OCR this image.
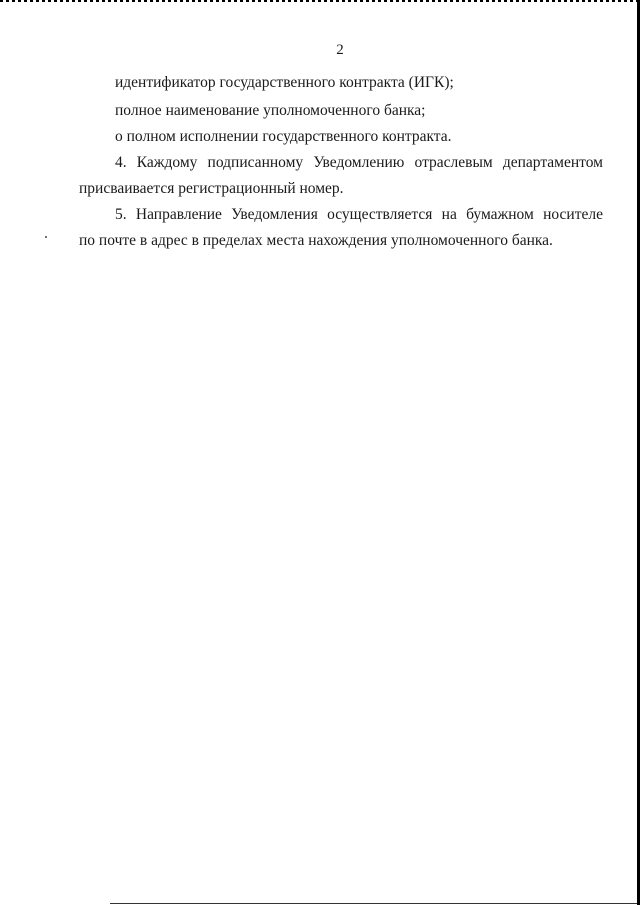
2
идентификатор государственного контракта (ИГК);
полное наименование уполномоченного банка;
о полном исполнении государственного контракта.
4. Каждому подписанному Уведомлению отраслевым департаментом
присваивается регистрационный номер.
5. Направление Уведомления осуществляется на бумажном носителе
по почте в адрес в пределах места нахождения уполномоченного банка.
